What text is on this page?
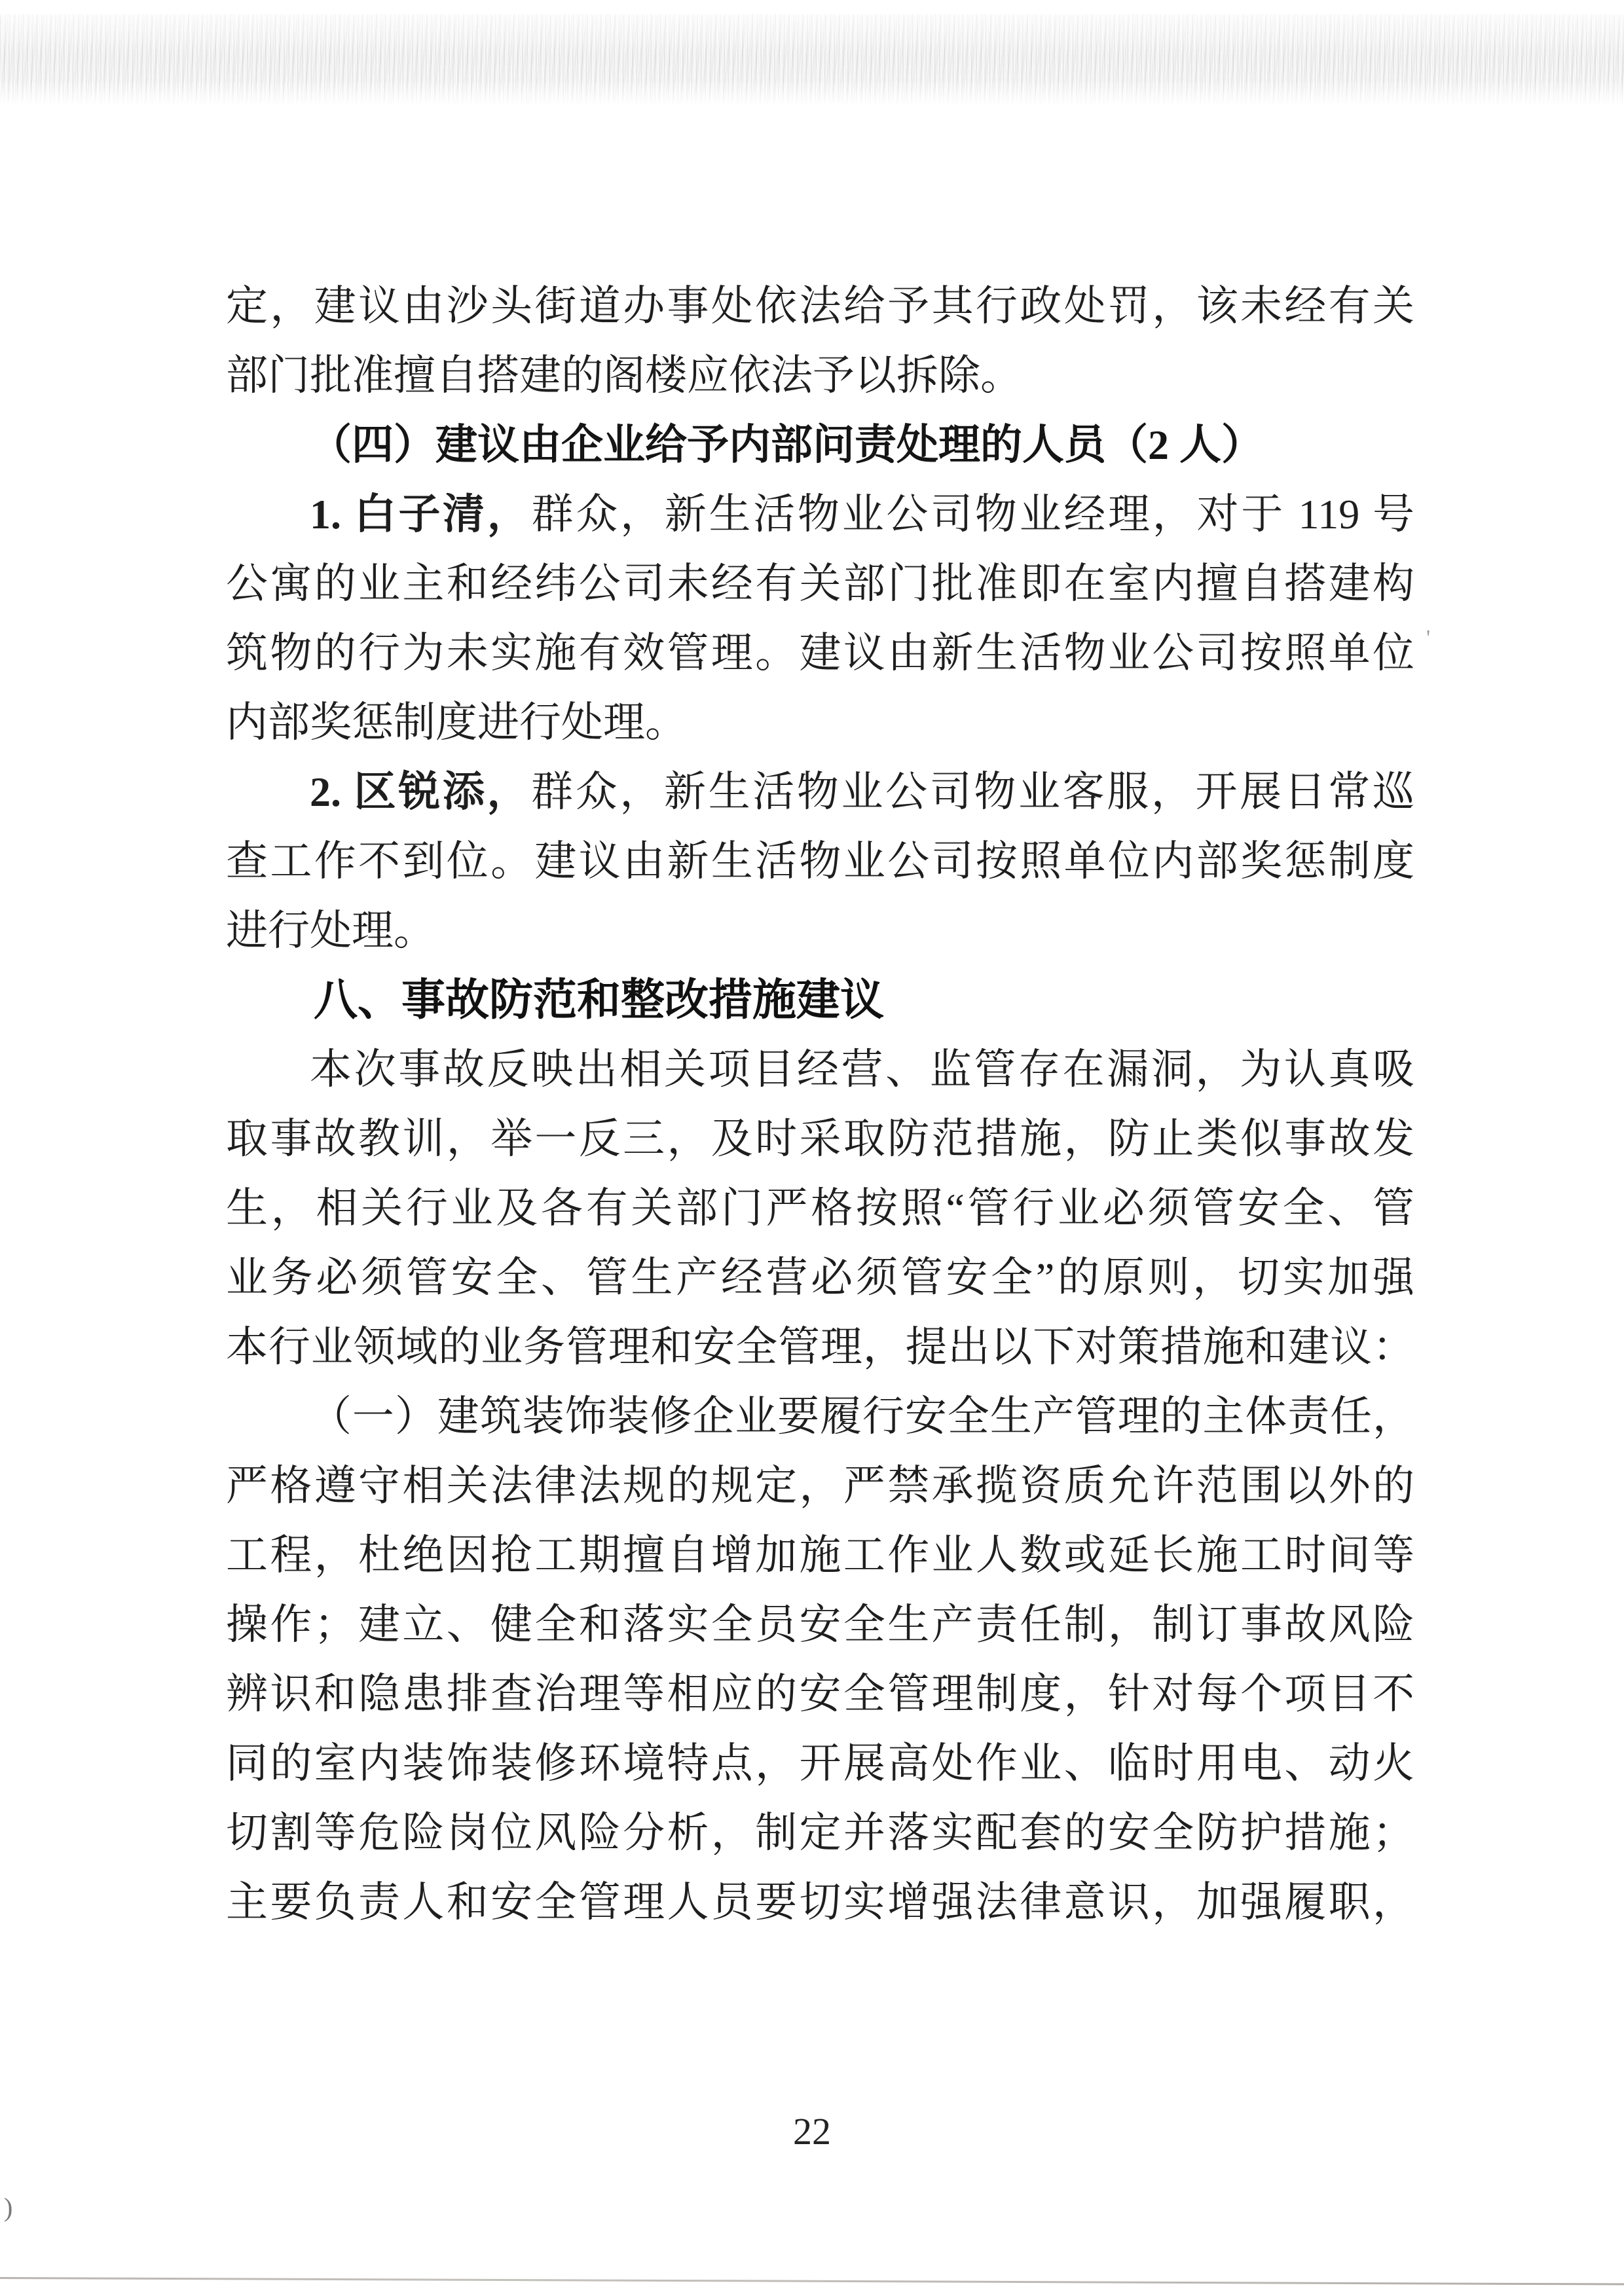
定，建议由沙头街道办事处依法给予其行政处罚，该未经有关
部门批准擅自搭建的阁楼应依法予以拆除。
（四）建议由企业给予内部问责处理的人员（2 人）
1. 白子清，群众，新生活物业公司物业经理，对于 119 号
公寓的业主和经纬公司未经有关部门批准即在室内擅自搭建构
筑物的行为未实施有效管理。建议由新生活物业公司按照单位
内部奖惩制度进行处理。
2. 区锐添，群众，新生活物业公司物业客服，开展日常巡
查工作不到位。建议由新生活物业公司按照单位内部奖惩制度
进行处理。
八、事故防范和整改措施建议
本次事故反映出相关项目经营、监管存在漏洞，为认真吸
取事故教训，举一反三，及时采取防范措施，防止类似事故发
生，相关行业及各有关部门严格按照“管行业必须管安全、管
业务必须管安全、管生产经营必须管安全”的原则，切实加强
本行业领域的业务管理和安全管理，提出以下对策措施和建议：
（一）建筑装饰装修企业要履行安全生产管理的主体责任，
严格遵守相关法律法规的规定，严禁承揽资质允许范围以外的
工程，杜绝因抢工期擅自增加施工作业人数或延长施工时间等
操作；建立、健全和落实全员安全生产责任制，制订事故风险
辨识和隐患排查治理等相应的安全管理制度，针对每个项目不
同的室内装饰装修环境特点，开展高处作业、临时用电、动火
切割等危险岗位风险分析，制定并落实配套的安全防护措施；
主要负责人和安全管理人员要切实增强法律意识，加强履职，
22
)
'
